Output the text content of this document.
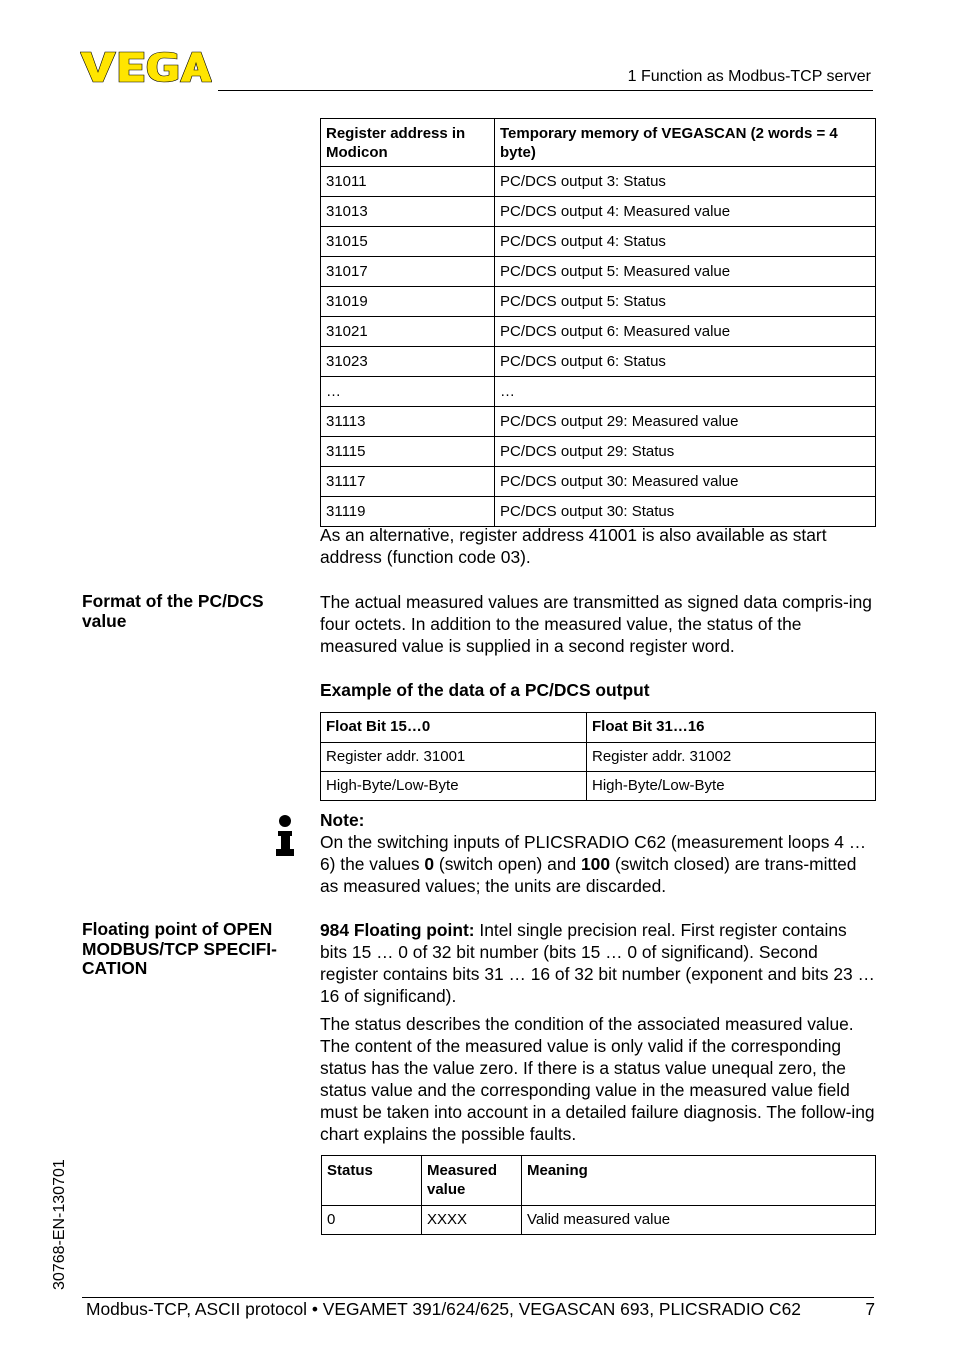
1 Function as Modbus-TCP server
Register address in Modicon	Temporary memory of VEGASCAN (2 words = 4 byte)
31011	PC/DCS output 3: Status
31013	PC/DCS output 4: Measured value
31015	PC/DCS output 4: Status
31017	PC/DCS output 5: Measured value
31019	PC/DCS output 5: Status
31021	PC/DCS output 6: Measured value
31023	PC/DCS output 6: Status
…	…
31113	PC/DCS output 29: Measured value
31115	PC/DCS output 29: Status
31117	PC/DCS output 30: Measured value
31119	PC/DCS output 30: Status

As an alternative, register address 41001 is also available as start address (function code 03).

Format of the PC/DCS value

The actual measured values are transmitted as signed data compris-ing four octets. In addition to the measured value, the status of the measured value is supplied in a second register word.

Example of the data of a PC/DCS output
Float Bit 15…0	Float Bit 31…16
Register addr. 31001	Register addr. 31002
High-Byte/Low-Byte	High-Byte/Low-Byte
Note:

On the switching inputs of PLICSRADIO C62 (measurement loops 4 … 6) the values 0 (switch open) and 100 (switch closed) are trans-mitted as measured values; the units are discarded.

Floating point of OPEN MODBUS/TCP SPECIFI-CATION

984 Floating point: Intel single precision real. First register contains bits 15 … 0 of 32 bit number (bits 15 … 0 of significand). Second register contains bits 31 … 16 of 32 bit number (exponent and bits 23 … 16 of significand).

The status describes the condition of the associated measured value. The content of the measured value is only valid if the corresponding status has the value zero. If there is a status value unequal zero, the status value and the corresponding value in the measured value field must be taken into account in a detailed failure diagnosis. The follow-ing chart explains the possible faults.

Status	Measured value	Meaning
0	XXXX	Valid measured value
30768-EN-130701
Modbus-TCP, ASCII protocol • VEGAMET 391/624/625, VEGASCAN 693, PLICSRADIO C62	7
